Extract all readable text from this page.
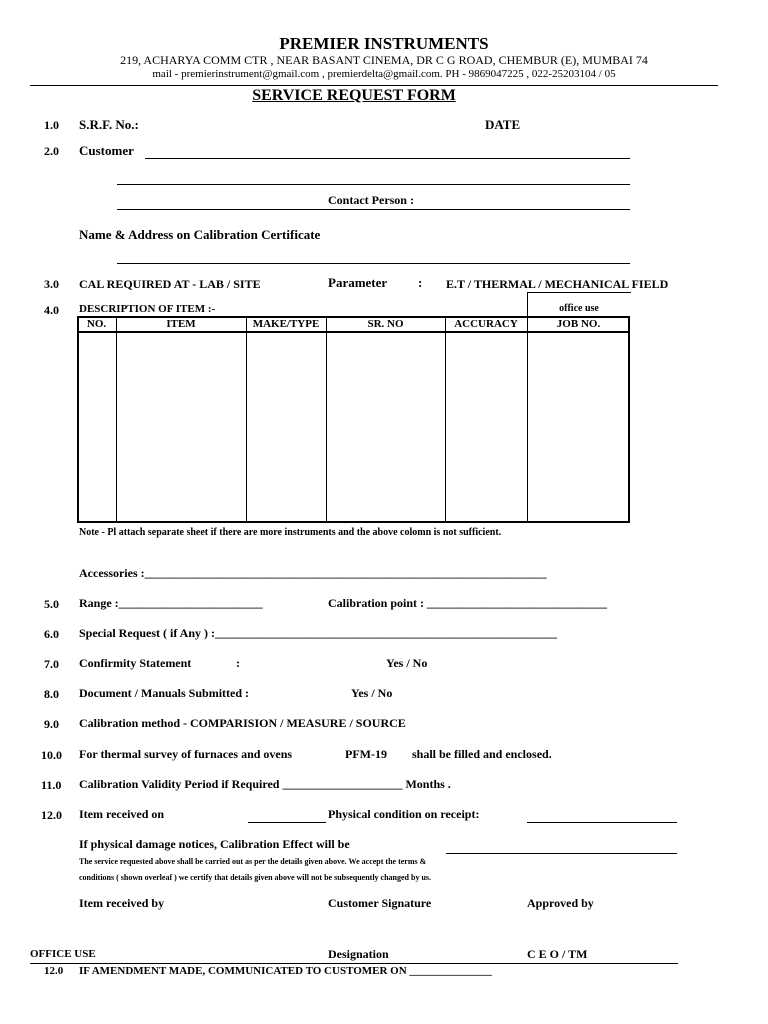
PREMIER INSTRUMENTS
219, ACHARYA COMM CTR , NEAR BASANT CINEMA, DR C G ROAD, CHEMBUR (E), MUMBAI 74
mail - premierinstrument@gmail.com , premierdelta@gmail.com. PH - 9869047225 , 022-25203104 / 05
SERVICE REQUEST FORM
1.0 S.R.F. No.:	DATE
2.0 Customer
Contact Person :
Name & Address on Calibration Certificate
3.0 CAL REQUIRED AT - LAB / SITE	Parameter : E.T / THERMAL / MECHANICAL FIELD
4.0 DESCRIPTION OF ITEM :-	office use
NO.	ITEM	MAKE/TYPE	SR. NO	ACCURACY	JOB NO.
Note - Pl attach separate sheet if there are more instruments and the above colomn is not sufficient.
Accessories :___________________________________________________________________
5.0 Range :________________________	Calibration point : ______________________________
6.0 Special Request ( if Any ) :_________________________________________________________
7.0 Confirmity Statement	:	Yes / No
8.0 Document / Manuals Submitted :	Yes / No
9.0 Calibration method - COMPARISION / MEASURE / SOURCE
10.0 For thermal survey of furnaces and ovens	PFM-19 shall be filled and enclosed.
11.0 Calibration Validity Period if Required ____________________ Months .
12.0 Item received on	Physical condition on receipt:
If physical damage notices, Calibration Effect will be
The service requested above shall be carried out as per the details given above. We accept the terms &
conditions ( shown overleaf ) we certify that details given above will not be subsequently changed by us.
Item received by	Customer Signature	Approved by
OFFICE USE	Designation	C E O / TM
12.0 IF AMENDMENT MADE, COMMUNICATED TO CUSTOMER ON _______________
